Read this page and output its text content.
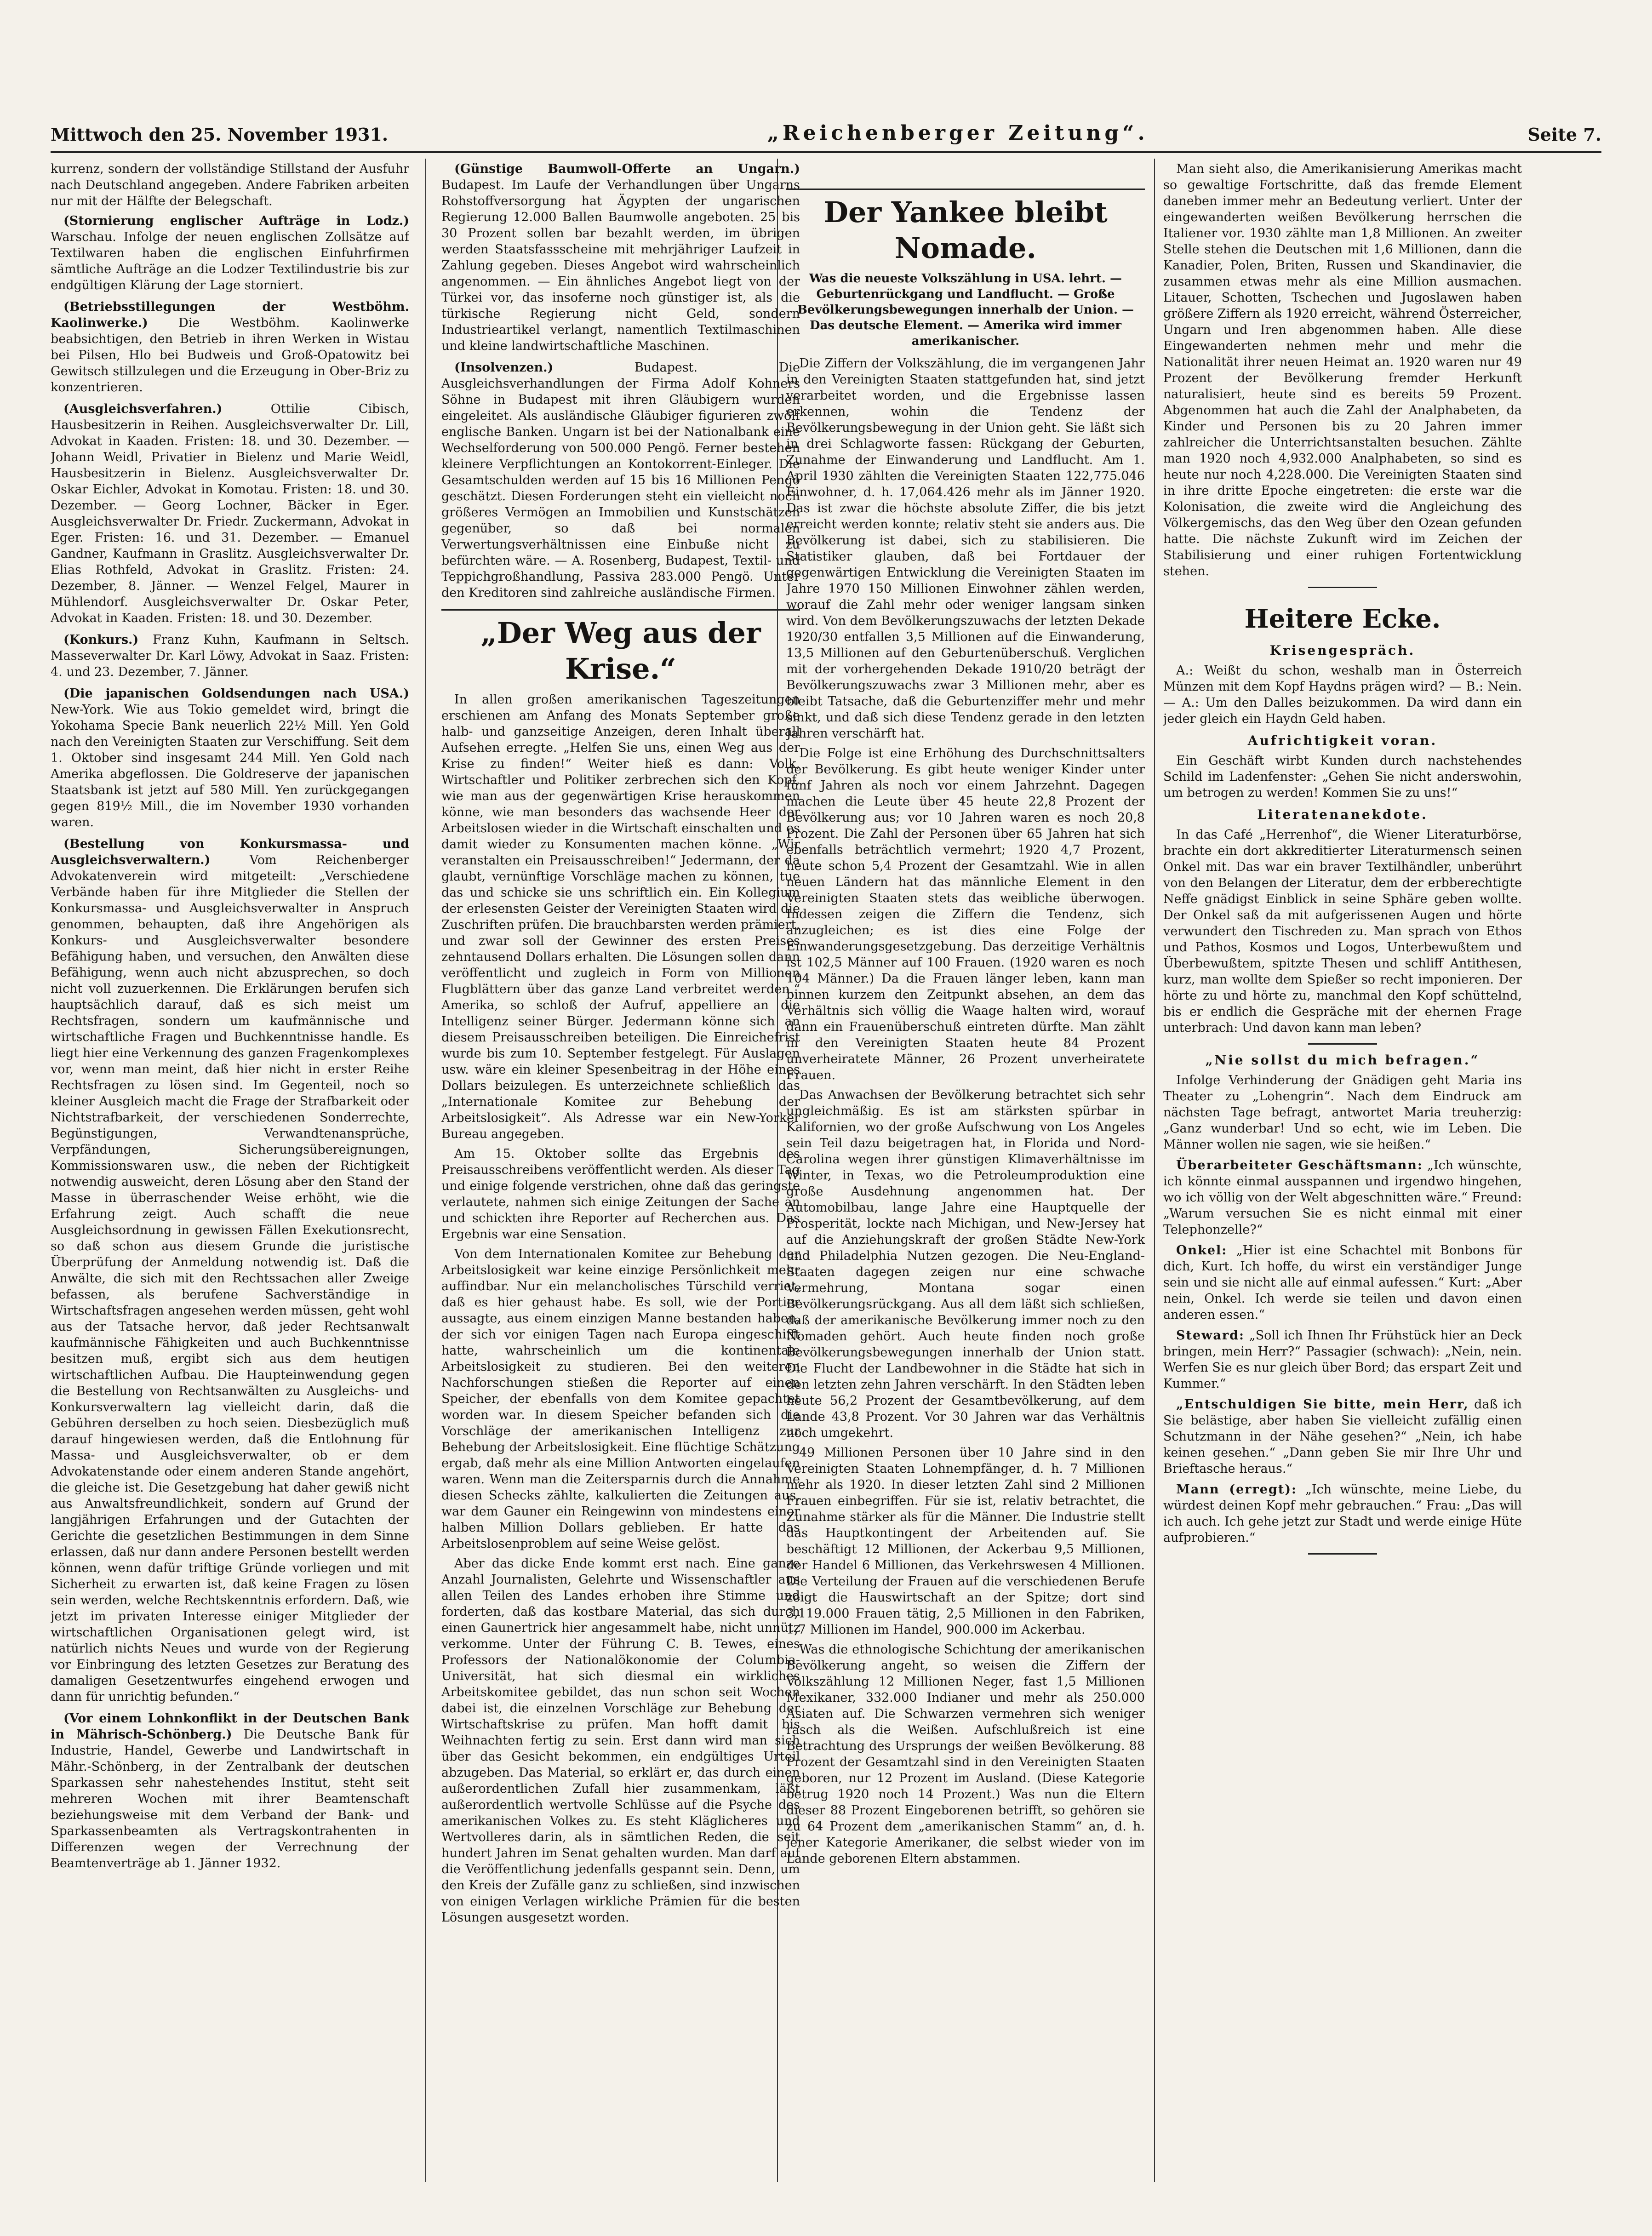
Mittwoch den 25. November 1931.	„Reichenberger Zeitung“.	Seite 7.

kurrenz, sondern der vollständige Stillstand der Ausfuhr nach Deutschland angegeben. Andere Fabriken arbeiten nur mit der Hälfte der Belegschaft.

(Stornierung englischer Aufträge in Lodz.) Warschau. Infolge der neuen englischen Zollsätze auf Textilwaren haben die englischen Einfuhrfirmen sämtliche Aufträge an die Lodzer Textilindustrie bis zur endgültigen Klärung der Lage storniert.

(Betriebsstillegungen der Westböhm. Kaolinwerke.) Die Westböhm. Kaolinwerke beabsichtigen, den Betrieb in ihren Werken in Wistau bei Pilsen, Hlo bei Budweis und Groß-Opatowitz bei Gewitsch stillzulegen und die Erzeugung in Ober-Briz zu konzentrieren.

(Ausgleichsverfahren.)	Ottilie Cibisch, Hausbesitzerin in Reihen. Ausgleichsverwalter Dr. Lill, Advokat in Kaaden. Fristen: 18. und 30. Dezember. — Johann Weidl, Privatier in Bielenz und Marie Weidl, Hausbesitzerin in Bielenz. Ausgleichsverwalter Dr. Oskar Eichler, Advokat in Komotau. Fristen: 18. und 30. Dezember. — Georg Lochner, Bäcker in Eger. Ausgleichsverwalter Dr. Friedr. Zuckermann, Advokat in Eger. Fristen: 16. und 31. Dezember. — Emanuel Gandner, Kaufmann in Graslitz. Ausgleichsverwalter Dr. Elias Rothfeld, Advokat in Graslitz. Fristen: 24. Dezember, 8. Jänner. — Wenzel Felgel, Maurer in Mühlendorf. Ausgleichsverwalter Dr. Oskar Peter, Advokat in Kaaden. Fristen: 18. und 30. Dezember.

(Konkurs.) Franz Kuhn, Kaufmann in Seltsch. Masseverwalter Dr. Karl Löwy, Advokat in Saaz. Fristen: 4. und 23. Dezember, 7. Jänner.

(Die japanischen Goldsendungen nach USA.) New-York. Wie aus Tokio gemeldet wird, bringt die Yokohama Specie Bank neuerlich 22½ Mill. Yen Gold nach den Vereinigten Staaten zur Verschiffung. Seit dem 1. Oktober sind insgesamt 244 Mill. Yen Gold nach Amerika abgeflossen. Die Goldreserve der japanischen Staatsbank ist jetzt auf 580 Mill. Yen zurückgegangen gegen 819½ Mill., die im November 1930 vorhanden waren.

(Bestellung von Konkursmassa- und Ausgleichsverwaltern.)	Vom Reichenberger Advokatenverein wird mitgeteilt: „Verschiedene Verbände haben für ihre Mitglieder die Stellen der Konkursmassa- und Ausgleichsverwalter in Anspruch genommen, behaupten, daß ihre Angehörigen als Konkurs- und Ausgleichsverwalter besondere Befähigung haben, und versuchen, den Anwälten diese Befähigung, wenn auch nicht abzusprechen, so doch nicht voll zuzuerkennen. Die Erklärungen berufen sich hauptsächlich darauf, daß es sich meist um Rechtsfragen, sondern um kaufmännische und wirtschaftliche Fragen und Buchkenntnisse handle. Es liegt hier eine Verkennung des ganzen Fragenkomplexes vor, wenn man meint, daß hier nicht in erster Reihe Rechtsfragen zu lösen sind. Im Gegenteil, noch so kleiner Ausgleich macht die Frage der Strafbarkeit oder Nichtstrafbarkeit, der verschiedenen Sonderrechte, Begünstigungen, Verwandtenansprüche, Verpfändungen, Sicherungsübereignungen, Kommissionswaren usw., die neben der Richtigkeit notwendig ausweicht, deren Lösung aber den Stand der Masse in überraschender Weise erhöht, wie die Erfahrung zeigt. Auch schafft die neue Ausgleichsordnung in gewissen Fällen Exekutionsrecht, so daß schon aus diesem Grunde die juristische Überprüfung der Anmeldung notwendig ist. Daß die Anwälte, die sich mit den Rechtssachen aller Zweige befassen, als berufene Sachverständige in Wirtschaftsfragen angesehen werden müssen, geht wohl aus der Tatsache hervor, daß jeder Rechtsanwalt kaufmännische Fähigkeiten und auch Buchkenntnisse besitzen muß, ergibt sich aus dem heutigen wirtschaftlichen Aufbau. Die Haupteinwendung gegen die Bestellung von Rechtsanwälten zu Ausgleichs- und Konkursverwaltern lag vielleicht darin, daß die Gebühren derselben zu hoch seien. Diesbezüglich muß darauf hingewiesen werden, daß die Entlohnung für Massa- und Ausgleichsverwalter, ob er dem Advokatenstande oder einem anderen Stande angehört, die gleiche ist. Die Gesetzgebung hat daher gewiß nicht aus Anwaltsfreundlichkeit, sondern auf Grund der langjährigen Erfahrungen und der Gutachten der Gerichte die gesetzlichen Bestimmungen in dem Sinne erlassen, daß nur dann andere Personen bestellt werden können, wenn dafür triftige Gründe vorliegen und mit Sicherheit zu erwarten ist, daß keine Fragen zu lösen sein werden, welche Rechtskenntnis erfordern. Daß, wie jetzt im privaten Interesse einiger Mitglieder der wirtschaftlichen Organisationen gelegt wird, ist natürlich nichts Neues und wurde von der Regierung vor Einbringung des letzten Gesetzes zur Beratung des damaligen Gesetzentwurfes eingehend erwogen und dann für unrichtig befunden.“

(Vor einem Lohnkonflikt in der Deutschen Bank in Mährisch-Schönberg.) Die Deutsche Bank für Industrie, Handel, Gewerbe und Landwirtschaft in Mähr.-Schönberg, in der Zentralbank der deutschen Sparkassen sehr nahestehendes Institut, steht seit mehreren Wochen mit ihrer Beamtenschaft beziehungsweise mit dem Verband der Bank- und Sparkassenbeamten als Vertragskontrahenten in Differenzen wegen der Verrechnung der Beamtenverträge ab 1. Jänner 1932.

(Günstige Baumwoll-Offerte an Ungarn.) Budapest. Im Laufe der Verhandlungen über Ungarns Rohstoffversorgung hat Ägypten der ungarischen Regierung 12.000 Ballen Baumwolle angeboten. 25 bis 30 Prozent sollen bar bezahlt werden, im übrigen werden Staatsfassscheine mit mehrjähriger Laufzeit in Zahlung gegeben. Dieses Angebot wird wahrscheinlich angenommen. — Ein ähnliches Angebot liegt von der Türkei vor, das insoferne noch günstiger ist, als die türkische Regierung nicht Geld, sondern Industrieartikel verlangt, namentlich Textilmaschinen und kleine landwirtschaftliche Maschinen.

(Insolvenzen.)	Budapest. Die Ausgleichsverhandlungen der Firma Adolf Kohners Söhne in Budapest mit ihren Gläubigern wurden eingeleitet. Als ausländische Gläubiger figurieren zwölf englische Banken. Ungarn ist bei der Nationalbank eine Wechselforderung von 500.000 Pengö. Ferner bestehen kleinere Verpflichtungen an Kontokorrent-Einleger. Die Gesamtschulden werden auf 15 bis 16 Millionen Pengö geschätzt. Diesen Forderungen steht ein vielleicht noch größeres Vermögen an Immobilien und Kunstschätzen gegenüber, so daß bei normalen Verwertungsverhältnissen eine Einbuße nicht zu befürchten wäre. — A. Rosenberg, Budapest, Textil- und Teppichgroßhandlung, Passiva 283.000 Pengö. Unter den Kreditoren sind zahlreiche ausländische Firmen.

„Der Weg aus der Krise.“

In allen großen amerikanischen Tageszeitungen erschienen am Anfang des Monats September große halb- und ganzseitige Anzeigen, deren Inhalt überall Aufsehen erregte. „Helfen Sie uns, einen Weg aus der Krise zu finden!“ Weiter hieß es dann: Volk, Wirtschaftler und Politiker zerbrechen sich den Kopf, wie man aus der gegenwärtigen Krise herauskommen könne, wie man besonders das wachsende Heer der Arbeitslosen wieder in die Wirtschaft einschalten und es damit wieder zu Konsumenten machen könne. „Wir veranstalten ein Preisausschreiben!“ Jedermann, der da glaubt, vernünftige Vorschläge machen zu können, tue das und schicke sie uns schriftlich ein. Ein Kollegium der erlesensten Geister der Vereinigten Staaten wird die Zuschriften prüfen. Die brauchbarsten werden prämiert, und zwar soll der Gewinner des ersten Preises zehntausend Dollars erhalten. Die Lösungen sollen dann veröffentlicht und zugleich in Form von Millionen Flugblättern über das ganze Land verbreitet werden.“ Amerika, so schloß der Aufruf, appelliere an die Intelligenz seiner Bürger. Jedermann könne sich an diesem Preisausschreiben beteiligen. Die Einreichefrist wurde bis zum 10. September festgelegt. Für Auslagen usw. wäre ein kleiner Spesenbeitrag in der Höhe eines Dollars beizulegen. Es unterzeichnete schließlich das „Internationale Komitee zur Behebung der Arbeitslosigkeit“. Als Adresse war ein New-Yorker Bureau angegeben.

Am 15. Oktober sollte das Ergebnis des Preisausschreibens veröffentlicht werden. Als dieser Tag und einige folgende verstrichen, ohne daß das geringste verlautete, nahmen sich einige Zeitungen der Sache an und schickten ihre Reporter auf Recherchen aus. Das Ergebnis war eine Sensation.

Von dem Internationalen Komitee zur Behebung der Arbeitslosigkeit war keine einzige Persönlichkeit mehr auffindbar. Nur ein melancholisches Türschild verriet, daß es hier gehaust habe. Es soll, wie der Portier aussagte, aus einem einzigen Manne bestanden haben, der sich vor einigen Tagen nach Europa eingeschifft hatte, wahrscheinlich um die kontinentale Arbeitslosigkeit zu studieren. Bei den weiteren Nachforschungen stießen die Reporter auf einen Speicher, der ebenfalls von dem Komitee gepachtet worden war. In diesem Speicher befanden sich die Vorschläge der amerikanischen Intelligenz zur Behebung der Arbeitslosigkeit. Eine flüchtige Schätzung ergab, daß mehr als eine Million Antworten eingelaufen waren. Wenn man die Zeitersparnis durch die Annahme diesen Schecks zählte, kalkulierten die Zeitungen aus, war dem Gauner ein Reingewinn von mindestens einer halben Million Dollars geblieben. Er hatte das Arbeitslosenproblem auf seine Weise gelöst.

Aber das dicke Ende kommt erst nach. Eine ganze Anzahl Journalisten, Gelehrte und Wissenschaftler aus allen Teilen des Landes erhoben ihre Stimme und forderten, daß das kostbare Material, das sich durch einen Gaunertrick hier angesammelt habe, nicht unnütz verkomme. Unter der Führung C. B. Tewes, eines Professors der Nationalökonomie der Columbia-Universität, hat sich diesmal ein wirkliches Arbeitskomitee gebildet, das nun schon seit Wochen dabei ist, die einzelnen Vorschläge zur Behebung der Wirtschaftskrise zu prüfen. Man hofft damit bis Weihnachten fertig zu sein. Erst dann wird man sich über das Gesicht bekommen, ein endgültiges Urteil abzugeben. Das Material, so erklärt er, das durch einen außerordentlichen Zufall hier zusammenkam, läßt außerordentlich wertvolle Schlüsse auf die Psyche des amerikanischen Volkes zu. Es steht Kläglicheres und Wertvolleres darin, als in sämtlichen Reden, die seit hundert Jahren im Senat gehalten wurden. Man darf auf die Veröffentlichung jedenfalls gespannt sein. Denn, um den Kreis der Zufälle ganz zu schließen, sind inzwischen von einigen Verlagen wirkliche Prämien für die besten Lösungen ausgesetzt worden.

Der Yankee bleibt Nomade.
Was die neueste Volkszählung in USA. lehrt. — Geburtenrückgang und Landflucht. — Große Bevölkerungsbewegungen innerhalb der Union. — Das deutsche Element. — Amerika wird immer amerikanischer.

Die Ziffern der Volkszählung, die im vergangenen Jahr in den Vereinigten Staaten stattgefunden hat, sind jetzt verarbeitet worden, und die Ergebnisse lassen erkennen, wohin die Tendenz der Bevölkerungsbewegung in der Union geht. Sie läßt sich in drei Schlagworte fassen: Rückgang der Geburten, Zunahme der Einwanderung und Landflucht. Am 1. April 1930 zählten die Vereinigten Staaten 122,775.046 Einwohner, d. h. 17,064.426 mehr als im Jänner 1920. Das ist zwar die höchste absolute Ziffer, die bis jetzt erreicht werden konnte; relativ steht sie anders aus. Die Bevölkerung ist dabei, sich zu stabilisieren. Die Statistiker glauben, daß bei Fortdauer der gegenwärtigen Entwicklung die Vereinigten Staaten im Jahre 1970 150 Millionen Einwohner zählen werden, worauf die Zahl mehr oder weniger langsam sinken wird. Von dem Bevölkerungszuwachs der letzten Dekade 1920/30 entfallen 3,5 Millionen auf die Einwanderung, 13,5 Millionen auf den Geburtenüberschuß. Verglichen mit der vorhergehenden Dekade 1910/20 beträgt der Bevölkerungszuwachs zwar 3 Millionen mehr, aber es bleibt Tatsache, daß die Geburtenziffer mehr und mehr sinkt, und daß sich diese Tendenz gerade in den letzten Jahren verschärft hat.

Die Folge ist eine Erhöhung des Durchschnittsalters der Bevölkerung. Es gibt heute weniger Kinder unter fünf Jahren als noch vor einem Jahrzehnt. Dagegen machen die Leute über 45 heute 22,8 Prozent der Bevölkerung aus; vor 10 Jahren waren es noch 20,8 Prozent. Die Zahl der Personen über 65 Jahren hat sich ebenfalls beträchtlich vermehrt; 1920 4,7 Prozent, heute schon 5,4 Prozent der Gesamtzahl. Wie in allen neuen Ländern hat das männliche Element in den Vereinigten Staaten stets das weibliche überwogen. Indessen zeigen die Ziffern die Tendenz, sich anzugleichen; es ist dies eine Folge der Einwanderungsgesetzgebung. Das derzeitige Verhältnis ist 102,5 Männer auf 100 Frauen. (1920 waren es noch 104 Männer.) Da die Frauen länger leben, kann man binnen kurzem den Zeitpunkt absehen, an dem das Verhältnis sich völlig die Waage halten wird, worauf dann ein Frauenüberschuß eintreten dürfte. Man zählt in den Vereinigten Staaten heute 84 Prozent unverheiratete Männer, 26 Prozent unverheiratete Frauen.

Das Anwachsen der Bevölkerung betrachtet sich sehr ungleichmäßig. Es ist am stärksten spürbar in Kalifornien, wo der große Aufschwung von Los Angeles sein Teil dazu beigetragen hat, in Florida und Nord-Carolina wegen ihrer günstigen Klimaverhältnisse im Winter, in Texas, wo die Petroleumproduktion eine große Ausdehnung angenommen hat. Der Automobilbau, lange Jahre eine Hauptquelle der Prosperität, lockte nach Michigan, und New-Jersey hat auf die Anziehungskraft der großen Städte New-York und Philadelphia Nutzen gezogen. Die Neu-England-Staaten dagegen zeigen nur eine schwache Vermehrung, Montana sogar einen Bevölkerungsrückgang. Aus all dem läßt sich schließen, daß der amerikanische Bevölkerung immer noch zu den Nomaden gehört. Auch heute finden noch große Bevölkerungsbewegungen innerhalb der Union statt. Die Flucht der Landbewohner in die Städte hat sich in den letzten zehn Jahren verschärft. In den Städten leben heute 56,2 Prozent der Gesamtbevölkerung, auf dem Lande 43,8 Prozent. Vor 30 Jahren war das Verhältnis noch umgekehrt.

49 Millionen Personen über 10 Jahre sind in den Vereinigten Staaten Lohnempfänger, d. h. 7 Millionen mehr als 1920. In dieser letzten Zahl sind 2 Millionen Frauen einbegriffen. Für sie ist, relativ betrachtet, die Zunahme stärker als für die Männer. Die Industrie stellt das Hauptkontingent der Arbeitenden auf. Sie beschäftigt 12 Millionen, der Ackerbau 9,5 Millionen, der Handel 6 Millionen, das Verkehrswesen 4 Millionen. Die Verteilung der Frauen auf die verschiedenen Berufe zeigt die Hauswirtschaft an der Spitze; dort sind 3,119.000 Frauen tätig, 2,5 Millionen in den Fabriken, 1,7 Millionen im Handel, 900.000 im Ackerbau.

Was die ethnologische Schichtung der amerikanischen Bevölkerung angeht, so weisen die Ziffern der Volkszählung 12 Millionen Neger, fast 1,5 Millionen Mexikaner, 332.000 Indianer und mehr als 250.000 Asiaten auf. Die Schwarzen vermehren sich weniger rasch als die Weißen. Aufschlußreich ist eine Betrachtung des Ursprungs der weißen Bevölkerung. 88 Prozent der Gesamtzahl sind in den Vereinigten Staaten geboren, nur 12 Prozent im Ausland. (Diese Kategorie betrug 1920 noch 14 Prozent.) Was nun die Eltern dieser 88 Prozent Eingeborenen betrifft, so gehören sie zu 64 Prozent dem „amerikanischen Stamm“ an, d. h. jener Kategorie Amerikaner, die selbst wieder von im Lande geborenen Eltern abstammen.

Man sieht also, die Amerikanisierung Amerikas macht so gewaltige Fortschritte, daß das fremde Element daneben immer mehr an Bedeutung verliert. Unter der eingewanderten weißen Bevölkerung herrschen die Italiener vor. 1930 zählte man 1,8 Millionen. An zweiter Stelle stehen die Deutschen mit 1,6 Millionen, dann die Kanadier, Polen, Briten, Russen und Skandinavier, die zusammen etwas mehr als eine Million ausmachen. Litauer, Schotten, Tschechen und Jugoslawen haben größere Ziffern als 1920 erreicht, während Österreicher, Ungarn und Iren abgenommen haben. Alle diese Eingewanderten nehmen mehr und mehr die Nationalität ihrer neuen Heimat an. 1920 waren nur 49 Prozent der Bevölkerung fremder Herkunft naturalisiert, heute sind es bereits 59 Prozent. Abgenommen hat auch die Zahl der Analphabeten, da Kinder und Personen bis zu 20 Jahren immer zahlreicher die Unterrichtsanstalten besuchen. Zählte man 1920 noch 4,932.000 Analphabeten, so sind es heute nur noch 4,228.000. Die Vereinigten Staaten sind in ihre dritte Epoche eingetreten: die erste war die Kolonisation, die zweite wird die Angleichung des Völkergemischs, das den Weg über den Ozean gefunden hatte. Die nächste Zukunft wird im Zeichen der Stabilisierung und einer ruhigen Fortentwicklung stehen.

Heitere Ecke.
Krisengespräch.

A.: Weißt du schon, weshalb man in Österreich Münzen mit dem Kopf Haydns prägen wird? — B.: Nein. — A.: Um den Dalles beizukommen. Da wird dann ein jeder gleich ein Haydn Geld haben.

Aufrichtigkeit voran.

Ein Geschäft wirbt Kunden durch nachstehendes Schild im Ladenfenster: „Gehen Sie nicht anderswohin, um betrogen zu werden! Kommen Sie zu uns!“

Literatenanekdote.

In das Café „Herrenhof“, die Wiener Literaturbörse, brachte ein dort akkreditierter Literaturmensch seinen Onkel mit. Das war ein braver Textilhändler, unberührt von den Belangen der Literatur, dem der erbberechtigte Neffe gnädigst Einblick in seine Sphäre geben wollte. Der Onkel saß da mit aufgerissenen Augen und hörte verwundert den Tischreden zu. Man sprach von Ethos und Pathos, Kosmos und Logos, Unterbewußtem und Überbewußtem, spitzte Thesen und schliff Antithesen, kurz, man wollte dem Spießer so recht imponieren. Der hörte zu und hörte zu, manchmal den Kopf schüttelnd, bis er endlich die Gespräche mit der ehernen Frage unterbrach: Und davon kann man leben?

„Nie sollst du mich befragen.“

Infolge Verhinderung der Gnädigen geht Maria ins Theater zu „Lohengrin“. Nach dem Eindruck am nächsten Tage befragt, antwortet Maria treuherzig: „Ganz wunderbar! Und so echt, wie im Leben. Die Männer wollen nie sagen, wie sie heißen.“

Überarbeiteter Geschäftsmann: „Ich wünschte, ich könnte einmal ausspannen und irgendwo hingehen, wo ich völlig von der Welt abgeschnitten wäre.“ Freund: „Warum versuchen Sie es nicht einmal mit einer Telephonzelle?“

Onkel: „Hier ist eine Schachtel mit Bonbons für dich, Kurt. Ich hoffe, du wirst ein verständiger Junge sein und sie nicht alle auf einmal aufessen.“ Kurt: „Aber nein, Onkel. Ich werde sie teilen und davon einen anderen essen.“

Steward: „Soll ich Ihnen Ihr Frühstück hier an Deck bringen, mein Herr?“ Passagier (schwach): „Nein, nein. Werfen Sie es nur gleich über Bord; das erspart Zeit und Kummer.“

„Entschuldigen Sie bitte, mein Herr, daß ich Sie belästige, aber haben Sie vielleicht zufällig einen Schutzmann in der Nähe gesehen?“ „Nein, ich habe keinen gesehen.“ „Dann geben Sie mir Ihre Uhr und Brieftasche heraus.“

Mann (erregt): „Ich wünschte, meine Liebe, du würdest deinen Kopf mehr gebrauchen.“ Frau: „Das will ich auch. Ich gehe jetzt zur Stadt und werde einige Hüte aufprobieren.“
